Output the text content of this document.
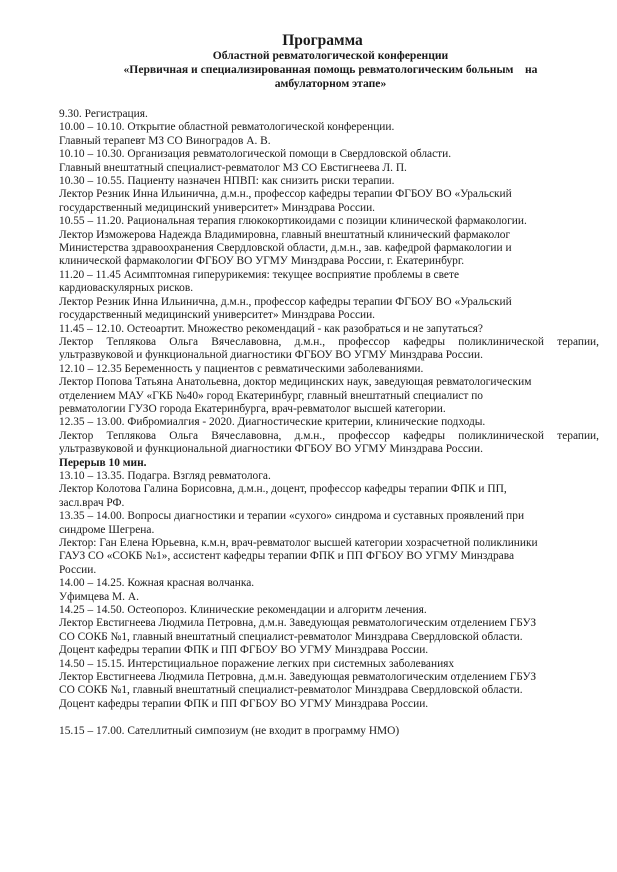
Программа
Областной ревматологической конференции
«Первичная и специализированная помощь ревматологическим больным    на
амбулаторном этапе»
9.30. Регистрация.
10.00 – 10.10. Открытие областной ревматологической конференции.
Главный терапевт МЗ СО Виноградов А. В.
10.10 – 10.30. Организация ревматологической помощи в Свердловской области.
Главный внештатный специалист-ревматолог МЗ СО Евстигнеева Л. П.
10.30 – 10.55. Пациенту назначен НПВП: как снизить риски терапии.
Лектор Резник Инна Ильинична, д.м.н., профессор кафедры терапии ФГБОУ ВО «Уральский
государственный медицинский университет» Минздрава России.
10.55 – 11.20. Рациональная терапия глюкокортикоидами с позиции клинической фармакологии.
Лектор Изможерова Надежда Владимировна, главный внештатный клинический фармаколог
Министерства здравоохранения Свердловской области, д.м.н., зав. кафедрой фармакологии и
клинической фармакологии ФГБОУ ВО УГМУ Минздрава России, г. Екатеринбург.
11.20 – 11.45 Асимптомная гиперурикемия: текущее восприятие проблемы в свете
кардиоваскулярных рисков.
Лектор Резник Инна Ильинична, д.м.н., профессор кафедры терапии ФГБОУ ВО «Уральский
государственный медицинский университет» Минздрава России.
11.45 – 12.10. Остеоартит. Множество рекомендаций - как разобраться и не запутаться?
Лектор Теплякова Ольга Вячеславовна, д.м.н., профессор кафедры поликлинической терапии,
ультразвуковой и функциональной диагностики ФГБОУ ВО УГМУ Минздрава России.
12.10 – 12.35 Беременность у пациентов с ревматическими заболеваниями.
Лектор Попова Татьяна Анатольевна, доктор медицинских наук, заведующая ревматологическим
отделением МАУ «ГКБ №40» город Екатеринбург, главный внештатный специалист по
ревматологии ГУЗО города Екатеринбурга, врач-ревматолог высшей категории.
12.35 – 13.00. Фибромиалгия - 2020. Диагностические критерии, клинические подходы.
Лектор Теплякова Ольга Вячеславовна, д.м.н., профессор кафедры поликлинической терапии,
ультразвуковой и функциональной диагностики ФГБОУ ВО УГМУ Минздрава России.
Перерыв 10 мин.
13.10 – 13.35. Подагра. Взгляд ревматолога.
Лектор Колотова Галина Борисовна, д.м.н., доцент, профессор кафедры терапии ФПК и ПП,
засл.врач РФ.
13.35 – 14.00. Вопросы диагностики и терапии «сухого» синдрома и суставных проявлений при
синдроме Шегрена.
Лектор: Ган Елена Юрьевна, к.м.н, врач-ревматолог высшей категории хозрасчетной поликлиники
ГАУЗ СО «СОКБ №1», ассистент кафедры терапии ФПК и ПП ФГБОУ ВО УГМУ Минздрава
России.
14.00 – 14.25. Кожная красная волчанка.
Уфимцева М. А.
14.25 – 14.50. Остеопороз. Клинические рекомендации и алгоритм лечения.
Лектор Евстигнеева Людмила Петровна, д.м.н. Заведующая ревматологическим отделением ГБУЗ
СО СОКБ №1, главный внештатный специалист-ревматолог Минздрава Свердловской области.
Доцент кафедры терапии ФПК и ПП ФГБОУ ВО УГМУ Минздрава России.
14.50 – 15.15. Интерстициальное поражение легких при системных заболеваниях
Лектор Евстигнеева Людмила Петровна, д.м.н. Заведующая ревматологическим отделением ГБУЗ
СО СОКБ №1, главный внештатный специалист-ревматолог Минздрава Свердловской области.
Доцент кафедры терапии ФПК и ПП ФГБОУ ВО УГМУ Минздрава России.
15.15 – 17.00. Сателлитный симпозиум (не входит в программу НМО)
